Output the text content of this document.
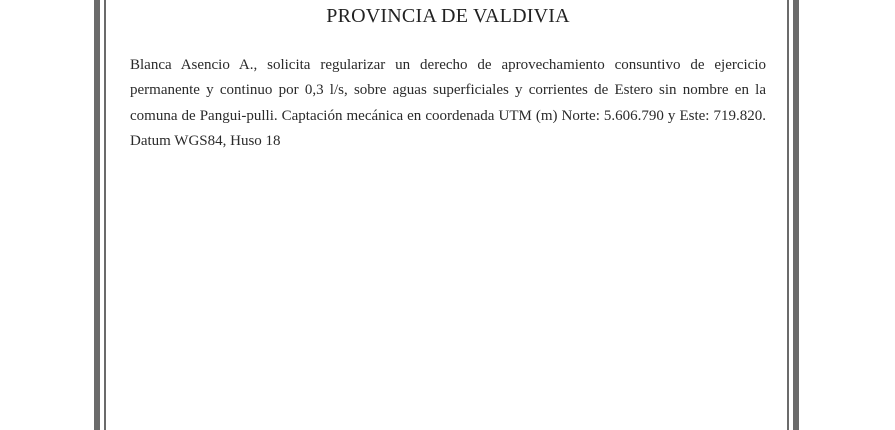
PROVINCIA DE VALDIVIA

Blanca Asencio A., solicita regularizar un derecho de aprovechamiento consuntivo de ejercicio permanente y continuo por 0,3 l/s, sobre aguas superficiales y corrientes de Estero sin nombre en la comuna de Pangui-pulli. Captación mecánica en coordenada UTM (m) Norte: 5.606.790 y Este: 719.820. Datum WGS84, Huso 18
